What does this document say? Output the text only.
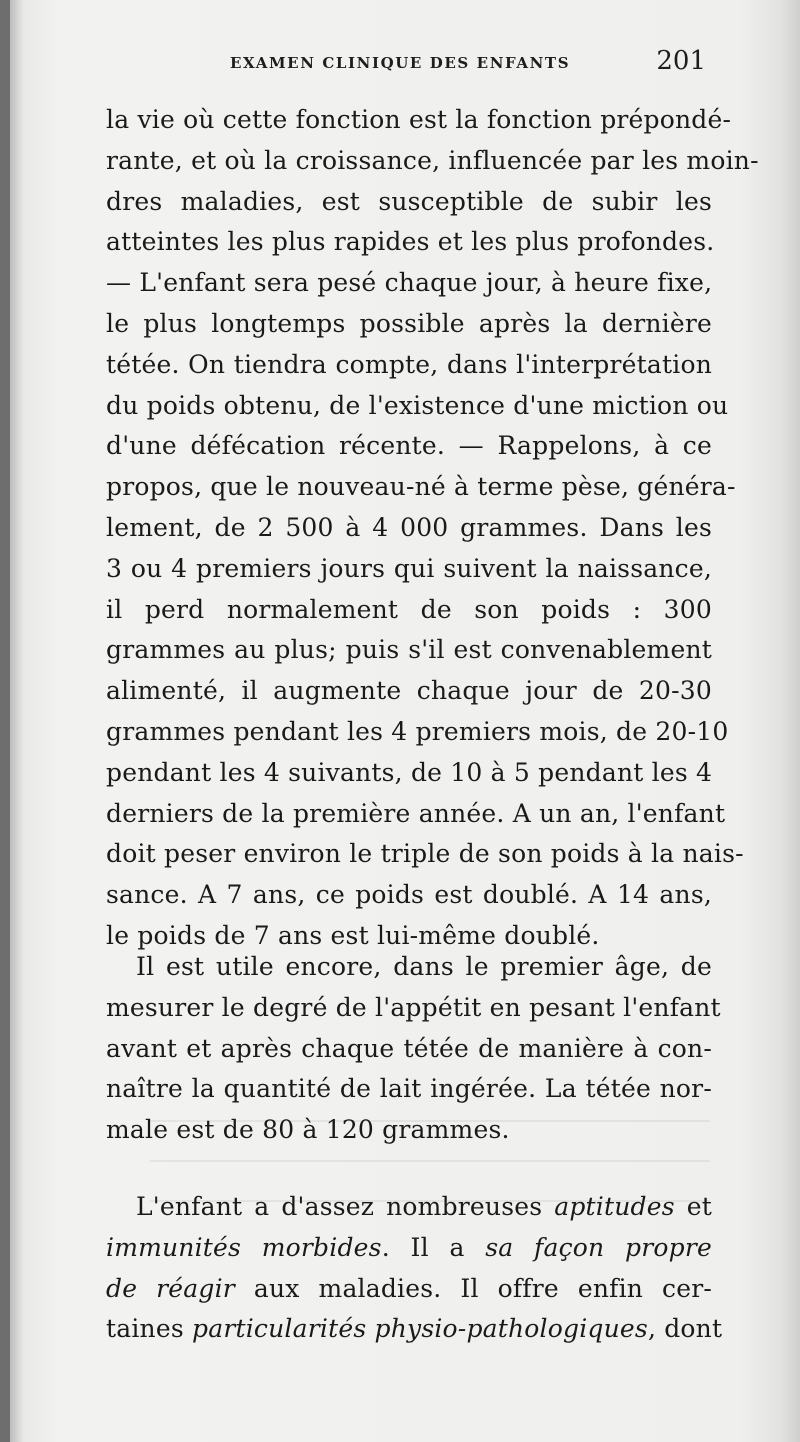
EXAMEN CLINIQUE DES ENFANTS	201
la vie où cette fonction est la fonction prépondé-
rante, et où la croissance, influencée par les moin-
dres maladies, est susceptible de subir les
atteintes les plus rapides et les plus profondes.
— L'enfant sera pesé chaque jour, à heure fixe,
le plus longtemps possible après la dernière
tétée. On tiendra compte, dans l'interprétation
du poids obtenu, de l'existence d'une miction ou
d'une défécation récente. — Rappelons, à ce
propos, que le nouveau-né à terme pèse, généra-
lement, de 2 500 à 4 000 grammes. Dans les
3 ou 4 premiers jours qui suivent la naissance,
il perd normalement de son poids : 300
grammes au plus; puis s'il est convenablement
alimenté, il augmente chaque jour de 20-30
grammes pendant les 4 premiers mois, de 20-10
pendant les 4 suivants, de 10 à 5 pendant les 4
derniers de la première année. A un an, l'enfant
doit peser environ le triple de son poids à la nais-
sance. A 7 ans, ce poids est doublé. A 14 ans,
le poids de 7 ans est lui-même doublé.
Il est utile encore, dans le premier âge, de
mesurer le degré de l'appétit en pesant l'enfant
avant et après chaque tétée de manière à con-
naître la quantité de lait ingérée. La tétée nor-
male est de 80 à 120 grammes.
L'enfant a d'assez nombreuses aptitudes et
immunités morbides. Il a sa façon propre
de réagir aux maladies. Il offre enfin cer-
taines particularités physio-pathologiques, dont
